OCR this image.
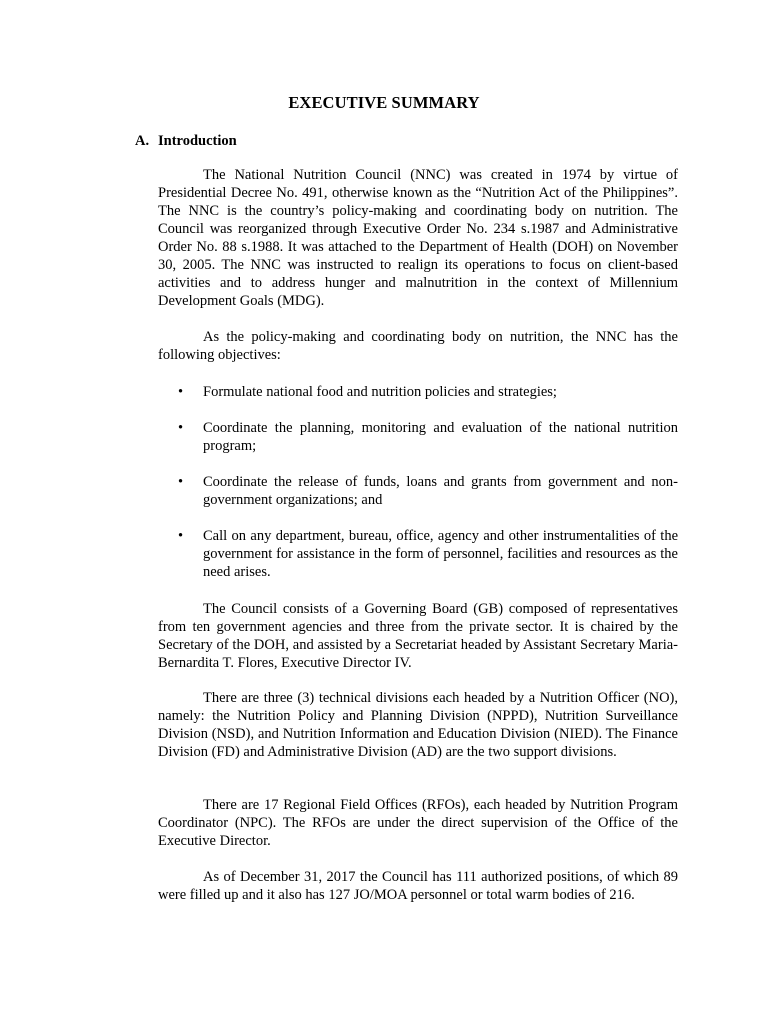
EXECUTIVE SUMMARY
A. Introduction

The National Nutrition Council (NNC) was created in 1974 by virtue of Presidential Decree No. 491, otherwise known as the “Nutrition Act of the Philippines”. The NNC is the country’s policy-making and coordinating body on nutrition. The Council was reorganized through Executive Order No. 234 s.1987 and Administrative Order No. 88 s.1988. It was attached to the Department of Health (DOH) on November 30, 2005. The NNC was instructed to realign its operations to focus on client-based activities and to address hunger and malnutrition in the context of Millennium Development Goals (MDG).

As the policy-making and coordinating body on nutrition, the NNC has the following objectives:

• Formulate national food and nutrition policies and strategies;
• Coordinate the planning, monitoring and evaluation of the national nutrition program;
• Coordinate the release of funds, loans and grants from government and non-government organizations; and
• Call on any department, bureau, office, agency and other instrumentalities of the government for assistance in the form of personnel, facilities and resources as the need arises.

The Council consists of a Governing Board (GB) composed of representatives from ten government agencies and three from the private sector. It is chaired by the Secretary of the DOH, and assisted by a Secretariat headed by Assistant Secretary Maria-Bernardita T. Flores, Executive Director IV.

There are three (3) technical divisions each headed by a Nutrition Officer (NO), namely: the Nutrition Policy and Planning Division (NPPD), Nutrition Surveillance Division (NSD), and Nutrition Information and Education Division (NIED). The Finance Division (FD) and Administrative Division (AD) are the two support divisions.

There are 17 Regional Field Offices (RFOs), each headed by Nutrition Program Coordinator (NPC). The RFOs are under the direct supervision of the Office of the Executive Director.

As of December 31, 2017 the Council has 111 authorized positions, of which 89 were filled up and it also has 127 JO/MOA personnel or total warm bodies of 216.
